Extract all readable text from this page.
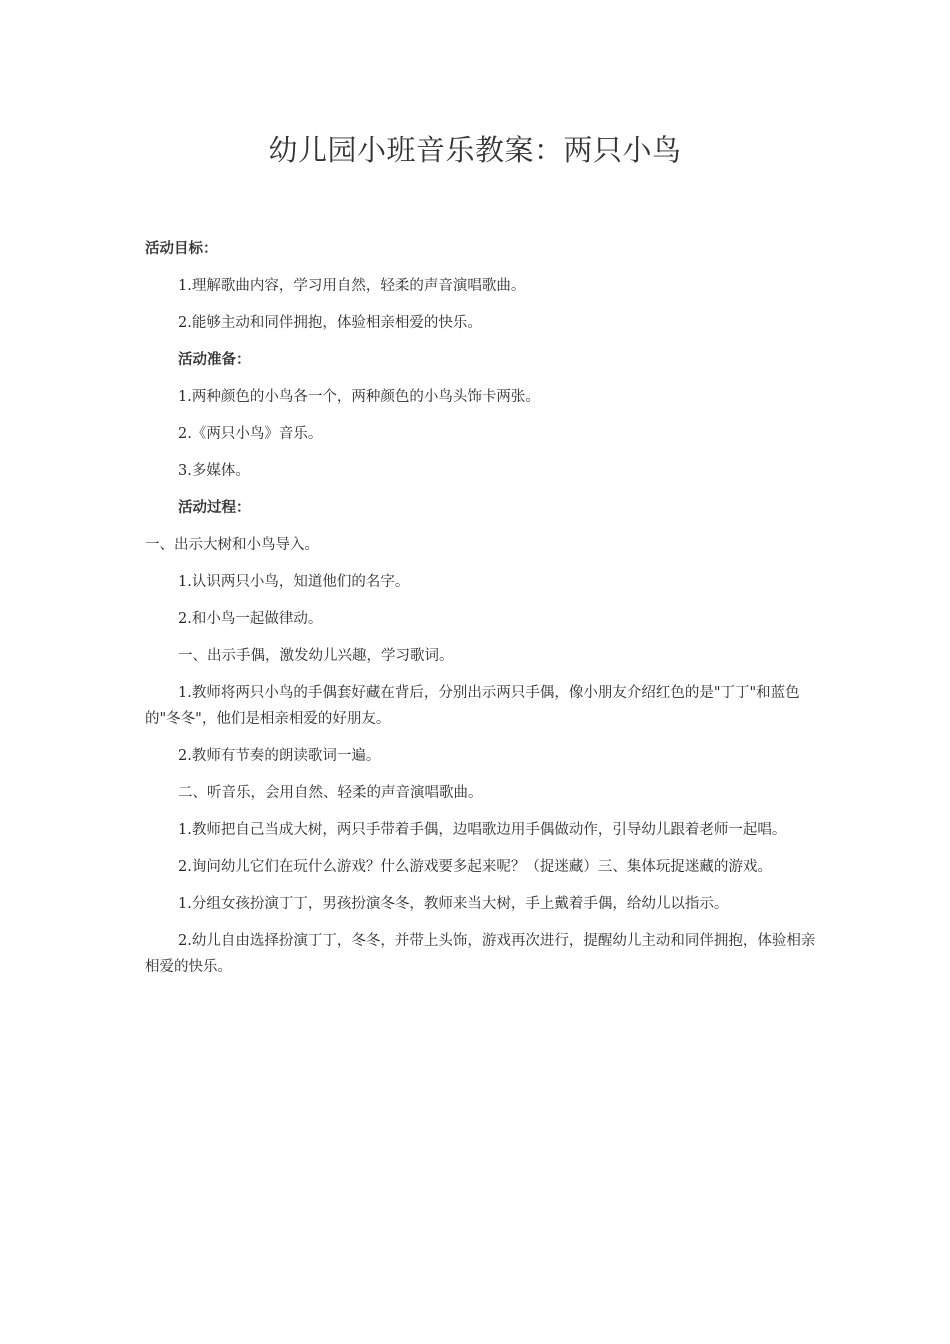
幼儿园小班音乐教案：两只小鸟
活动目标：
1.理解歌曲内容，学习用自然，轻柔的声音演唱歌曲。
2.能够主动和同伴拥抱，体验相亲相爱的快乐。
活动准备：
1.两种颜色的小鸟各一个，两种颜色的小鸟头饰卡两张。
2.《两只小鸟》音乐。
3.多媒体。
活动过程：
一、出示大树和小鸟导入。
1.认识两只小鸟，知道他们的名字。
2.和小鸟一起做律动。
一、出示手偶，激发幼儿兴趣，学习歌词。
1.教师将两只小鸟的手偶套好藏在背后，分别出示两只手偶，像小朋友介绍红色的是"丁丁"和蓝色的"冬冬"，他们是相亲相爱的好朋友。
2.教师有节奏的朗读歌词一遍。
二、听音乐，会用自然、轻柔的声音演唱歌曲。
1.教师把自己当成大树，两只手带着手偶，边唱歌边用手偶做动作，引导幼儿跟着老师一起唱。
2.询问幼儿它们在玩什么游戏？什么游戏要多起来呢？（捉迷藏）三、集体玩捉迷藏的游戏。
1.分组女孩扮演丁丁，男孩扮演冬冬，教师来当大树，手上戴着手偶，给幼儿以指示。
2.幼儿自由选择扮演丁丁，冬冬，并带上头饰，游戏再次进行，提醒幼儿主动和同伴拥抱，体验相亲相爱的快乐。
